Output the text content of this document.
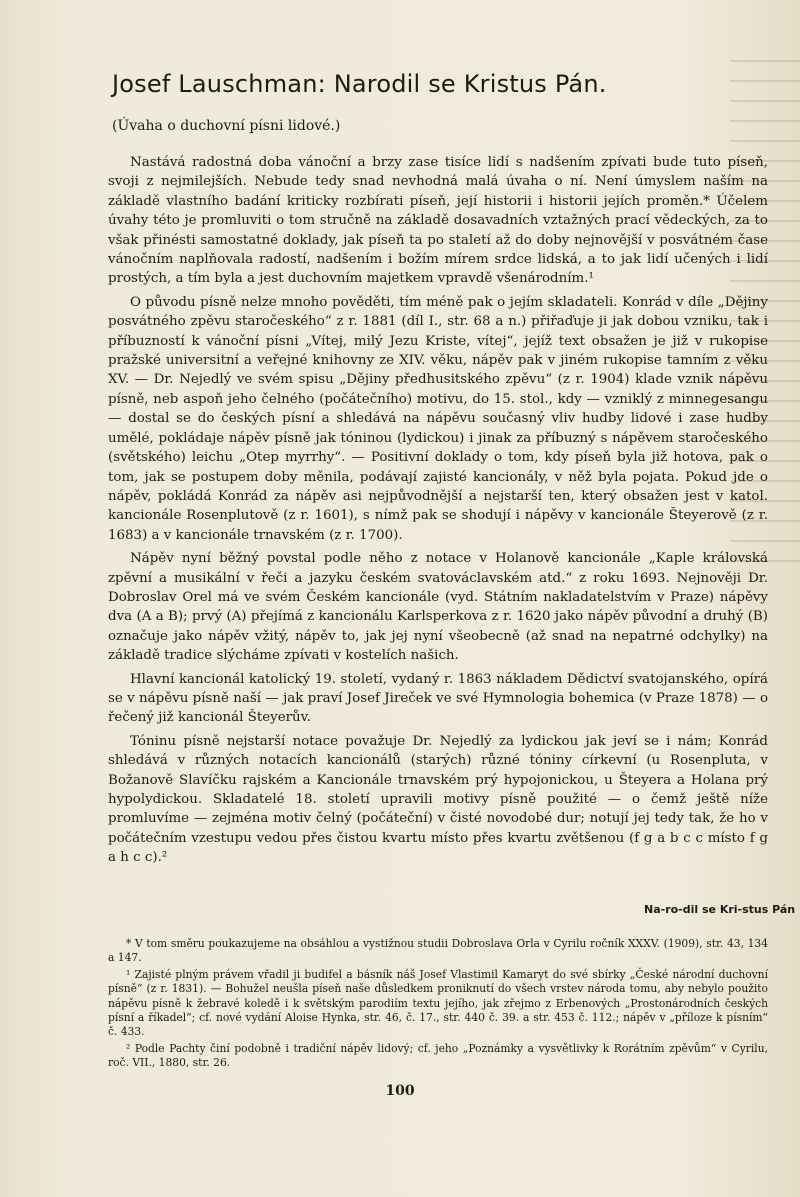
Josef Lauschman: Narodil se Kristus Pán.
(Úvaha o duchovní písni lidové.)

Nastává radostná doba vánoční a brzy zase tisíce lidí s nadšením zpívati bude tuto píseň, svoji z nejmilejších. Nebude tedy snad nevhodná malá úvaha o ní. Není úmyslem naším na základě vlastního badání kriticky rozbírati píseň, její historii i historii jejích proměn.* Účelem úvahy této je promluviti o tom stručně na základě dosavadních vztažných prací vědeckých, za to však přinésti samostatné doklady, jak píseň ta po staletí až do doby nejnovější v posvátném čase vánočním naplňovala radostí, nadšením i božím mírem srdce lidská, a to jak lidí učených i lidí prostých, a tím byla a jest duchovním majetkem vpravdě všenárodním.¹

O původu písně nelze mnoho pověděti, tím méně pak o jejím skladateli. Konrád v díle „Dějiny posvátného zpěvu staročeského“ z r. 1881 (díl I., str. 68 a n.) přiřaďuje ji jak dobou vzniku, tak i příbuzností k vánoční písni „Vítej, milý Jezu Kriste, vítej“, jejíž text obsažen je již v rukopise pražské universitní a veřejné knihovny ze XIV. věku, nápěv pak v jiném rukopise tamním z věku XV. — Dr. Nejedlý ve svém spisu „Dějiny předhusitského zpěvu“ (z r. 1904) klade vznik nápěvu písně, neb aspoň jeho čelného (počátečního) motivu, do 15. stol., kdy — vzniklý z minnegesangu — dostal se do českých písní a shledává na nápěvu současný vliv hudby lidové i zase hudby umělé, pokládaje nápěv písně jak tóninou (lydickou) i jinak za příbuzný s nápěvem staročeského (světského) leichu „Otep myrrhy“. — Positivní doklady o tom, kdy píseň byla již hotova, pak o tom, jak se postupem doby měnila, podávají zajisté kancionály, v něž byla pojata. Pokud jde o nápěv, pokládá Konrád za nápěv asi nejpůvodnější a nejstarší ten, který obsažen jest v katol. kancionále Rosenplutově (z r. 1601), s nímž pak se shodují i nápěvy v kancionále Šteyerově (z r. 1683) a v kancionále trnavském (z r. 1700).

Nápěv nyní běžný povstal podle něho z notace v Holanově kancionále „Kaple královská zpěvní a musikální v řeči a jazyku českém svatováclavském atd.“ z roku 1693. Nejnověji Dr. Dobroslav Orel má ve svém Českém kancionále (vyd. Státním nakladatelstvím v Praze) nápěvy dva (A a B); prvý (A) přejímá z kancionálu Karlsperkova z r. 1620 jako nápěv původní a druhý (B) označuje jako nápěv vžitý, nápěv to, jak jej nyní všeobecně (až snad na nepatrné odchylky) na základě tradice slýcháme zpívati v kostelích našich.

Hlavní kancionál katolický 19. století, vydaný r. 1863 nákladem Dědictví svatojanského, opírá se v nápěvu písně naší — jak praví Josef Jireček ve své Hymnologia bohemica (v Praze 1878) — o řečený již kancionál Šteyerův.

Tóninu písně nejstarší notace považuje Dr. Nejedlý za lydickou jak jeví se i nám; Konrád shledává v různých notacích kancionálů (starých) různé tóniny církevní (u Rosenpluta, v Božanově Slavíčku rajském a Kancionále trnavském prý hypojonickou, u Šteyera a Holana prý hypolydickou. Skladatelé 18. století upravili motivy písně použité — o čemž ještě níže promluvíme — zejména motiv čelný (počáteční) v čisté novodobé dur; notují jej tedy tak, že ho v počátečním vzestupu vedou přes čistou kvartu místo přes kvartu zvětšenou (f g a b c c místo f g a h c c).²

Na-ro-dil se Kri-stus Pán

* V tom směru poukazujeme na obsáhlou a vystižnou studii Dobroslava Orla v Cyrilu ročník XXXV. (1909), str. 43, 134 a 147.

¹ Zajisté plným právem vřadil ji budifel a básník náš Josef Vlastimil Kamaryt do své sbírky „České národní duchovní písně“ (z r. 1831). — Bohužel neušla píseň naše důsledkem proniknutí do všech vrstev národa tomu, aby nebylo použito nápěvu písně k žebravé koledě i k světským parodiím textu jejího, jak zřejmo z Erbenových „Prostonárodních českých písní a říkadel“; cf. nové vydání Aloise Hynka, str. 46, č. 17., str. 440 č. 39. a str. 453 č. 112.; nápěv v „příloze k písním“ č. 433.

² Podle Pachty činí podobně i tradiční nápěv lidový; cf. jeho „Poznámky a vysvětlivky k Rorátním zpěvům“ v Cyrilu, roč. VII., 1880, str. 26.

100
